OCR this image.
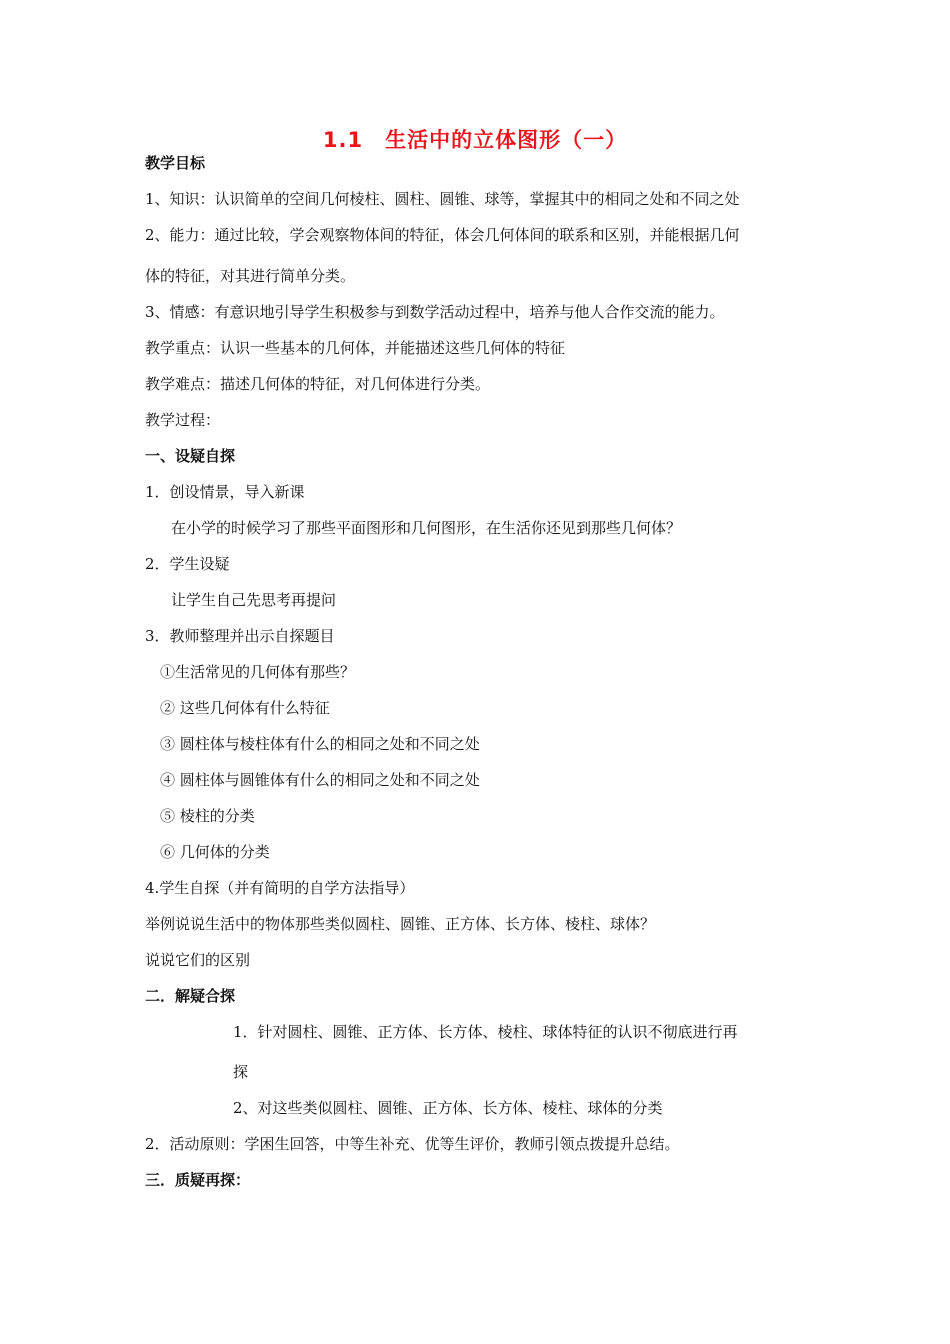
1.1　生活中的立体图形（一）
教学目标
1、知识：认识简单的空间几何棱柱、圆柱、圆锥、球等，掌握其中的相同之处和不同之处
2、能力：通过比较，学会观察物体间的特征，体会几何体间的联系和区别，并能根据几何
体的特征，对其进行简单分类。
3、情感：有意识地引导学生积极参与到数学活动过程中，培养与他人合作交流的能力。
教学重点：认识一些基本的几何体，并能描述这些几何体的特征
教学难点：描述几何体的特征，对几何体进行分类。
教学过程：
一、设疑自探
1．创设情景，导入新课
在小学的时候学习了那些平面图形和几何图形，在生活你还见到那些几何体？
2．学生设疑
让学生自己先思考再提问
3．教师整理并出示自探题目
①生活常见的几何体有那些？
② 这些几何体有什么特征
③ 圆柱体与棱柱体有什么的相同之处和不同之处
④ 圆柱体与圆锥体有什么的相同之处和不同之处
⑤ 棱柱的分类
⑥ 几何体的分类
4.学生自探（并有简明的自学方法指导）
举例说说生活中的物体那些类似圆柱、圆锥、正方体、长方体、棱柱、球体？
说说它们的区别
二．解疑合探
1．针对圆柱、圆锥、正方体、长方体、棱柱、球体特征的认识不彻底进行再
探
2、对这些类似圆柱、圆锥、正方体、长方体、棱柱、球体的分类
2．活动原则：学困生回答，中等生补充、优等生评价，教师引领点拨提升总结。
三．质疑再探：
